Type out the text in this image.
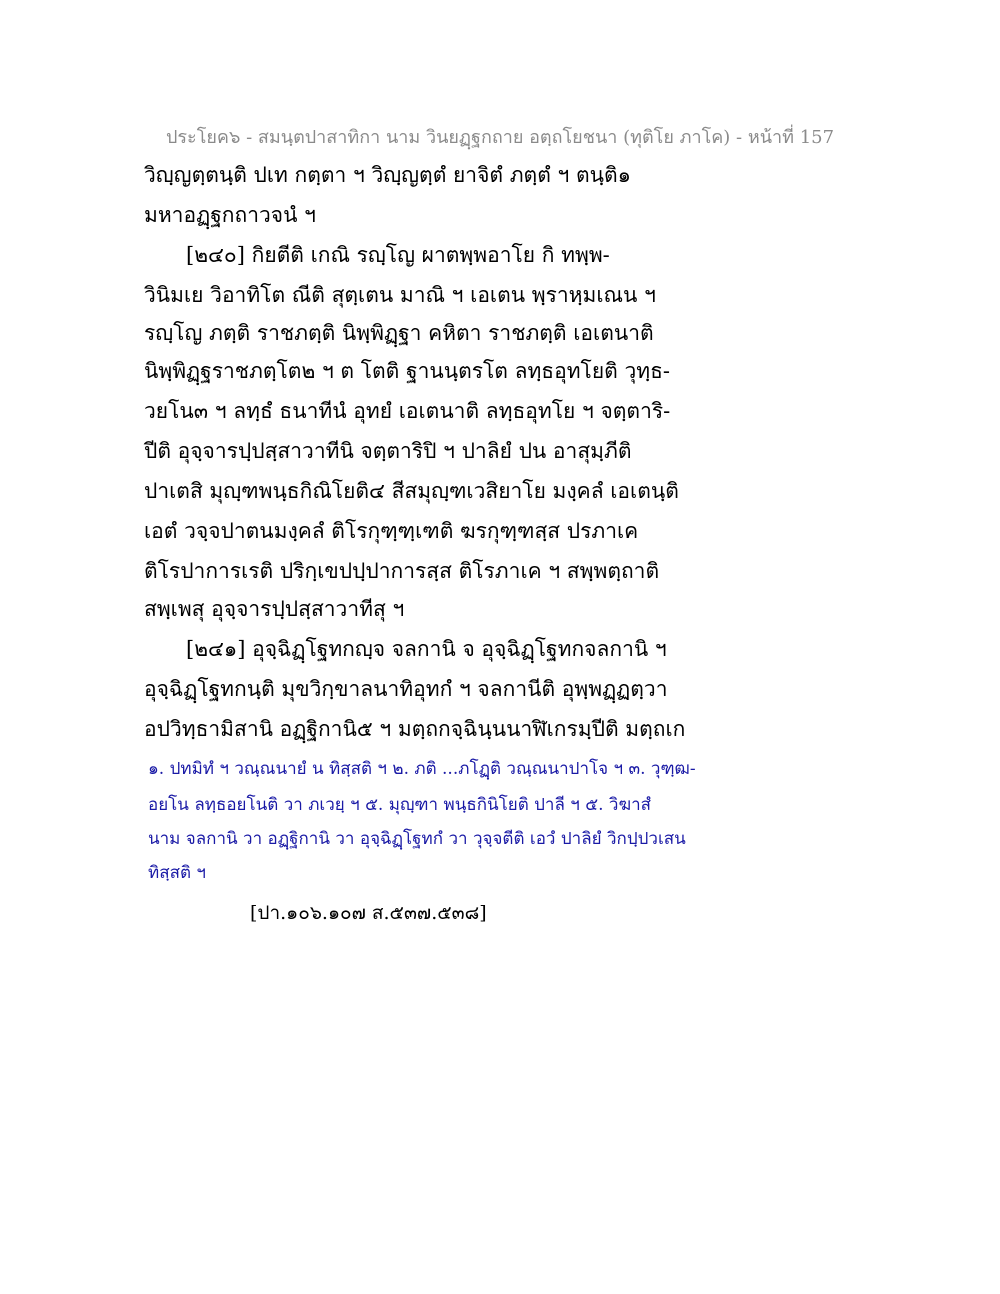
ประโยค๖ - สมนฺตปาสาทิกา นาม วินยฏฺฐกถาย อตฺถโยชนา (ทุติโย ภาโค) - หน้าที่ 157
วิญฺญตฺตนฺติ ปเท กตฺตา ฯ วิญฺญตฺตํ ยาจิตํ ภตฺตํ ฯ ตนฺติ๑
มหาอฏฺฐกถาวจนํ ฯ
[๒๔๐] กิยตีติ เกณิ รญฺโญ ผาตพฺพอาโย กิ ทพฺพ-
วินิมเย วิอาทิโต ณีติ สุตฺเตน มาณิ ฯ เอเตน พฺราหฺมเณน ฯ
รญฺโญ ภตฺติ ราชภตฺติ นิพฺพิฏฺฐา คหิตา ราชภตฺติ เอเตนาติ
นิพฺพิฏฺฐราชภตฺโต๒ ฯ ต โตติ ฐานนฺตรโต ลทฺธอุทโยติ วุทฺธ-
วยโน๓ ฯ ลทฺธํ ธนาทีนํ อุทยํ เอเตนาติ ลทฺธอุทโย ฯ จตฺตาริ-
ปีติ อุจฺจารปฺปสฺสาวาทีนิ จตฺตาริปิ ฯ ปาลิยํ ปน อาสุมฺภีติ
ปาเตสิ มุญฺฑพนฺธกิณิโยติ๔ สีสมุญฺฑเวสิยาโย มงฺคลํ เอเตนฺติ
เอตํ วจฺจปาตนมงฺคลํ ติโรกุฑฺฑฺเฑติ ฆรกุฑฺฑสฺส ปรภาเค
ติโรปาการเรติ ปริกฺเขปปฺปาการสฺส ติโรภาเค ฯ สพฺพตฺถาติ
สพฺเพสุ อุจฺจารปฺปสฺสาวาทีสุ ฯ
[๒๔๑] อุจฺฉิฏฺโฐทกญฺจ จลกานิ จ อุจฺฉิฏฺโฐทกจลกานิ ฯ
อุจฺฉิฏฺโฐทกนฺติ มุขวิกฺขาลนาทิอุทกํ ฯ จลกานีติ อุพฺพฏฺฏตฺวา
อปวิทฺธามิสานิ อฏฺฐิกานิ๕ ฯ มตฺถกจฺฉินฺนนาฬิเกรมฺปีติ มตฺถเก
๑. ปทมิทํ ฯ วณฺณนายํ น ทิสฺสติ ฯ ๒. ภติ ...ภโฏฺติ วณฺณนาปาโจ ฯ ๓. วุฑฺฒ-
อยโน ลทฺธอยโนติ วา ภเวยฺ ฯ ๕. มุญฺฑา พนฺธกินิโยติ ปาลี ฯ ๕. วิฆาสํ
นาม จลกานิ วา อฏฺฐิกานิ วา อุจฺฉิฏฺโฐทกํ วา วุจฺจตีติ เอวํ ปาลิยํ วิกปฺปวเสน
ทิสฺสติ ฯ
[ปา.๑๐๖.๑๐๗ ส.๕๓๗.๕๓๘]
